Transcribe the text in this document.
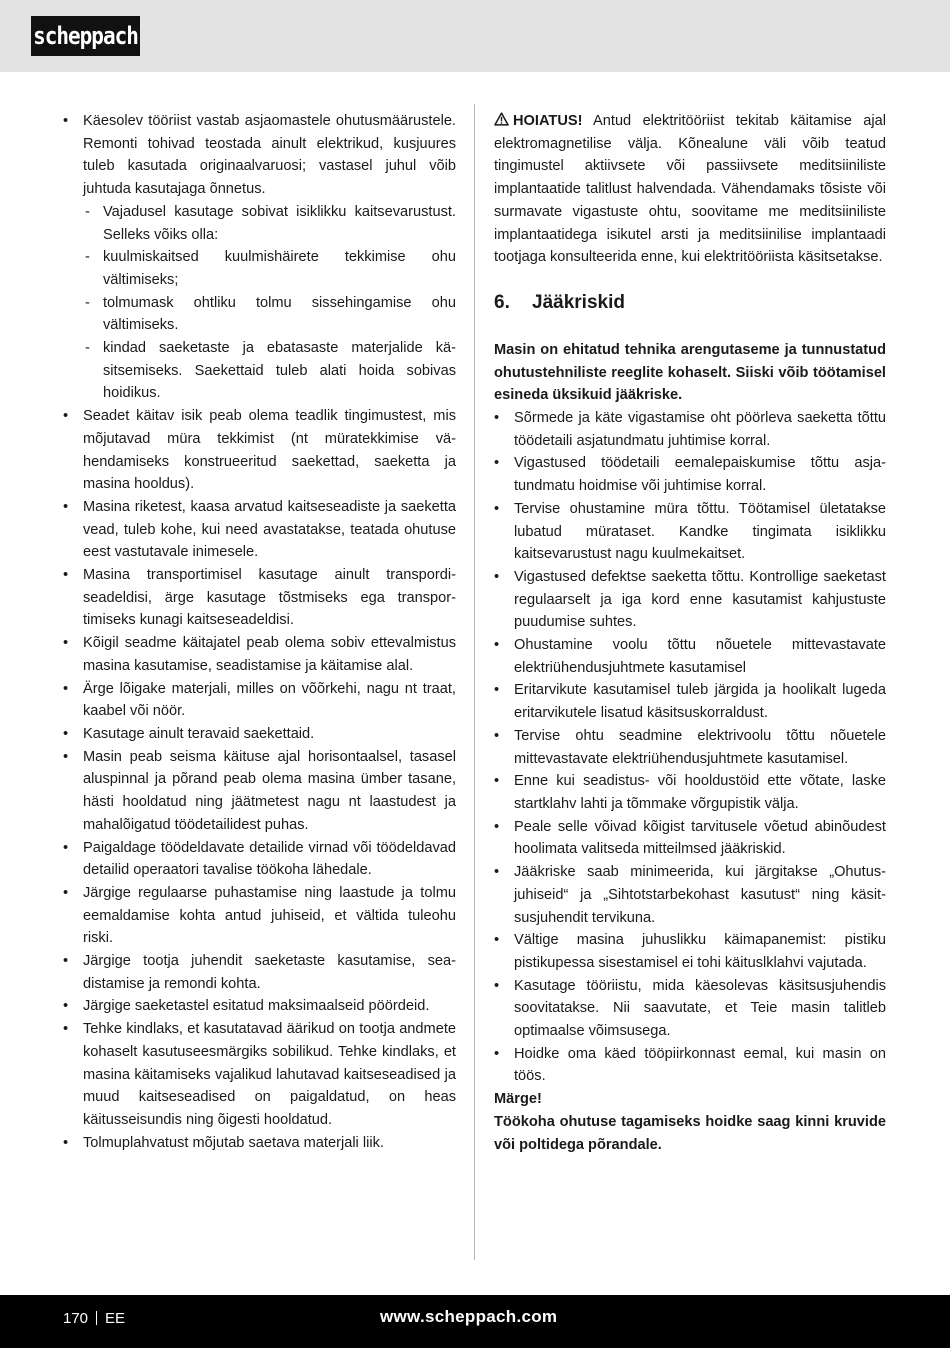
scheppach
• Käesolev tööriist vastab asjaomastele ohutusmäärustele. Remonti tohivad teostada ainult elektrikud, kusjuures tuleb kasutada originaalvaruosi; vastasel juhul võib juhtuda kasutajaga õnnetus.
- Vajadusel kasutage sobivat isiklikku kaitsevarustust. Selleks võiks olla:
- kuulmiskaitsed kuulmishäirete tekkimise ohu vältimiseks;
- tolmumask ohtliku tolmu sissehingamise ohu vältimiseks.
- kindad saeketaste ja ebatasaste materjalide käsitsemiseks. Saekettaid tuleb alati hoida sobivas hoidikus.
• Seadet käitav isik peab olema teadlik tingimustest, mis mõjutavad müra tekkimist (nt müratekkimise vähendamiseks konstrueeritud saekettad, saeketta ja masina hooldus).
• Masina riketest, kaasa arvatud kaitseseadiste ja saeketta vead, tuleb kohe, kui need avastatakse, teatada ohutuse eest vastutavale inimesele.
• Masina transportimisel kasutage ainult transpordiseadeldisi, ärge kasutage tõstmiseks ega transportimiseks kunagi kaitseseadeldisi.
• Kõigil seadme käitajatel peab olema sobiv ettevalmistus masina kasutamise, seadistamise ja käitamise alal.
• Ärge lõigake materjali, milles on võõrkehi, nagu nt traat, kaabel või nöör.
• Kasutage ainult teravaid saekettaid.
• Masin peab seisma käituse ajal horisontaalsel, tasasel aluspinnal ja põrand peab olema masina ümber tasane, hästi hooldatud ning jäätmetest nagu nt laastudest ja mahalõigatud töödetailidest puhas.
• Paigaldage töödeldavate detailide virnad või töödeldavad detailid operaatori tavalise töökoha lähedale.
• Järgige regulaarse puhastamise ning laastude ja tolmu eemaldamise kohta antud juhiseid, et vältida tuleohu riski.
• Järgige tootja juhendit saeketaste kasutamise, seadistamise ja remondi kohta.
• Järgige saeketastel esitatud maksimaalseid pöördeid.
• Tehke kindlaks, et kasutatavad äärikud on tootja andmete kohaselt kasutuseesmärgiks sobilikud. Tehke kindlaks, et masina käitamiseks vajalikud lahutavad kaitseseadised ja muud kaitseseadised on paigaldatud, on heas käitusseisundis ning õigesti hooldatud.
• Tolmuplahvatust mõjutab saetava materjali liik.

HOIATUS! Antud elektritööriist tekitab käitamise ajal elektromagnetilise välja. Kõnealune väli võib teatud tingimustel aktiivsete või passiivsete meditsiiniliste implantaatide talitlust halvendada. Vähendamaks tõsiste või surmavate vigastuste ohtu, soovitame me meditsiiniliste implantaatidega isikutel arsti ja meditsiinilise implantaadi tootjaga konsulteerida enne, kui elektritööriista käsitsetakse.

6. Jääkriskid

Masin on ehitatud tehnika arengutaseme ja tunnustatud ohutustehniliste reeglite kohaselt. Siiski võib töötamisel esineda üksikuid jääkriske.

• Sõrmede ja käte vigastamise oht pöörleva saeketta tõttu töödetaili asjatundmatu juhtimise korral.
• Vigastused töödetaili eemalepaiskumise tõttu asjatundmatu hoidmise või juhtimise korral.
• Tervise ohustamine müra tõttu. Töötamisel ületatakse lubatud mürataset. Kandke tingimata isiklikku kaitsevarustust nagu kuulmekaitset.
• Vigastused defektse saeketta tõttu. Kontrollige saeketast regulaarselt ja iga kord enne kasutamist kahjustuste puudumise suhtes.
• Ohustamine voolu tõttu nõuetele mittevastavate elektriühendusjuhtmete kasutamisel
• Eritarvikute kasutamisel tuleb järgida ja hoolikalt lugeda eritarvikutele lisatud käsitsuskorraldust.
• Tervise ohtu seadmine elektrivoolu tõttu nõuetele mittevastavate elektriühendusjuhtmete kasutamisel.
• Enne kui seadistus- või hooldustöid ette võtate, laske startklahv lahti ja tõmmake võrgupistik välja.
• Peale selle võivad kõigist tarvitusele võetud abinõudest hoolimata valitseda mitteilmsed jääkriskid.
• Jääkriske saab minimeerida, kui järgitakse „Ohutusjuhiseid“ ja „Sihtotstarbekohast kasutust“ ning käsitsusjuhendit tervikuna.
• Vältige masina juhuslikku käimapanemist: pistiku pistikupessa sisestamisel ei tohi käituslklahvi vajutada.
• Kasutage tööriistu, mida käesolevas käsitsusjuhendis soovitatakse. Nii saavutate, et Teie masin talitleb optimaalse võimsusega.
• Hoidke oma käed tööpiirkonnast eemal, kui masin on töös.

Märge!

Töökoha ohutuse tagamiseks hoidke saag kinni kruvide või poltidega põrandale.

170 EE	www.scheppach.com
